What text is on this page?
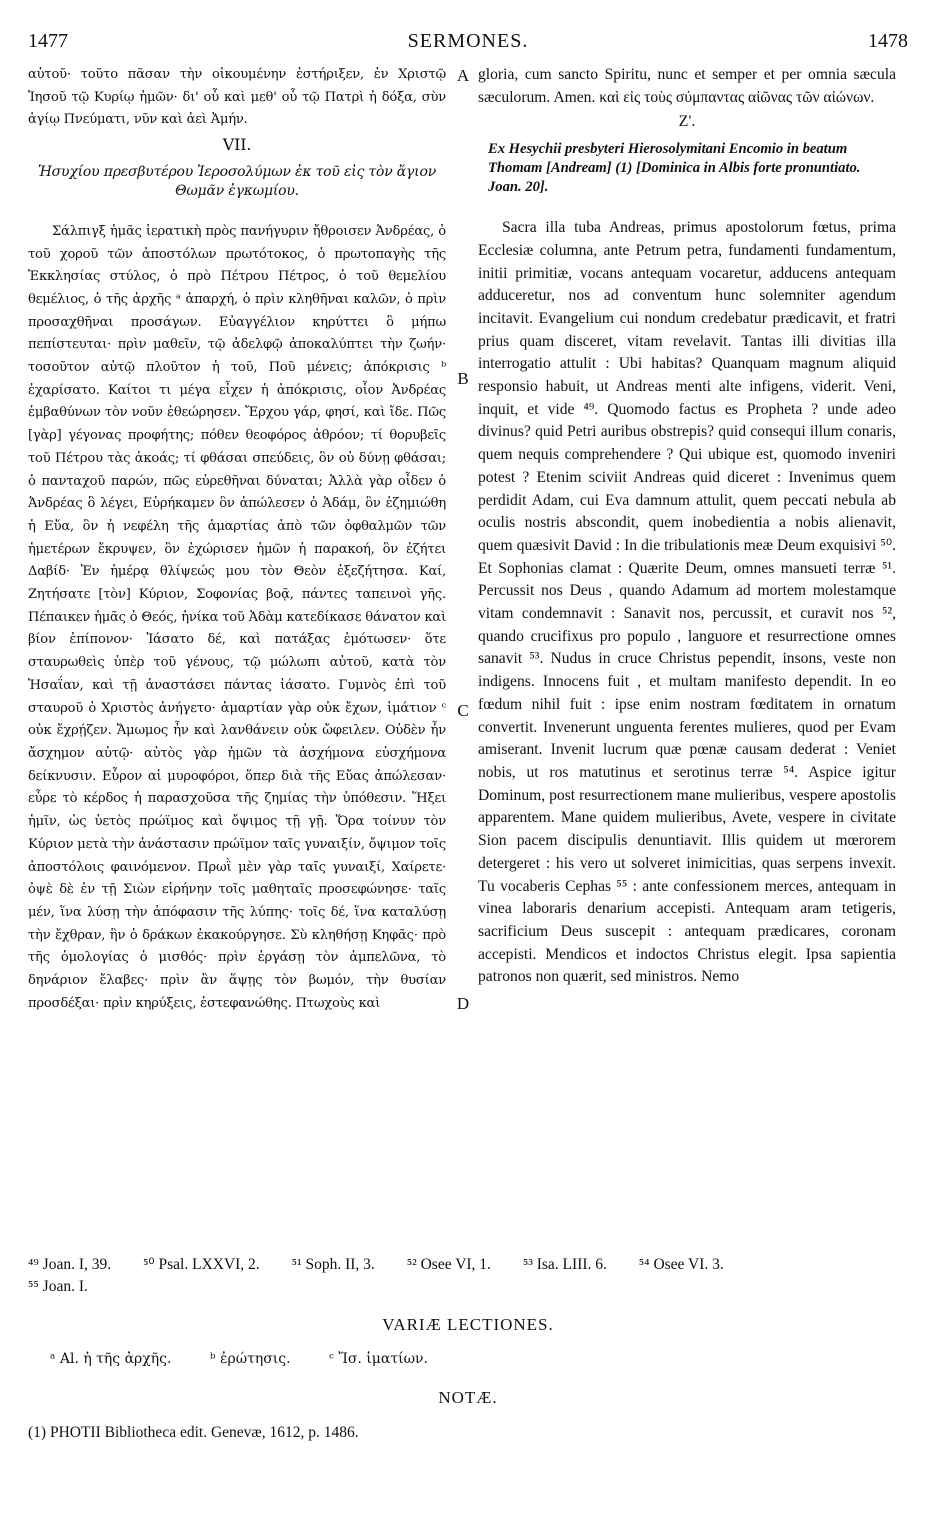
1477	SERMONES.	1478

αὐτοῦ· τοῦτο πᾶσαν τὴν οἰκουμένην ἐστήριξεν, ἐν Χριστῷ Ἰησοῦ τῷ Κυρίῳ ἡμῶν· δι' οὗ καὶ μεθ' οὗ τῷ Πατρὶ ἡ δόξα, σὺν ἁγίῳ Πνεύματι, νῦν καὶ ἀεὶ Ἀμήν.

VII.
Ἡσυχίου πρεσβυτέρου Ἱεροσολύμων ἐκ τοῦ εἰς τὸν ἅγιον Θωμᾶν ἐγκωμίου.

Σάλπιγξ ἡμᾶς ἱερατικὴ πρὸς πανήγυριν ἤθροισεν Ἀνδρέας, ὁ τοῦ χοροῦ τῶν ἀποστόλων πρωτότοκος, ὁ πρωτοπαγὴς τῆς Ἐκκλησίας στύλος, ὁ πρὸ Πέτρου Πέτρος, ὁ τοῦ θεμελίου θεμέλιος, ὁ τῆς ἀρχῆς ᵃ ἀπαρχή, ὁ πρὶν κληθῆναι καλῶν, ὁ πρὶν προσαχθῆναι προσάγων. Εὐαγγέλιον κηρύττει ὃ μήπω πεπίστευται· πρὶν μαθεῖν, τῷ ἀδελφῷ ἀποκαλύπτει τὴν ζωήν· τοσοῦτον αὐτῷ πλοῦτον ἡ τοῦ, Ποῦ μένεις; ἀπόκρισις ᵇ ἐχαρίσατο. Καίτοι τι μέγα εἶχεν ἡ ἀπόκρισις, οἷον Ἀνδρέας ἐμβαθύνων τὸν νοῦν ἐθεώρησεν. Ἔρχου γάρ, φησί, καὶ ἴδε. Πῶς [γὰρ] γέγονας προφήτης; πόθεν θεοφόρος ἀθρόον; τί θορυβεῖς τοῦ Πέτρου τὰς ἀκοάς; τί φθάσαι σπεύδεις, ὃν οὐ δύνῃ φθάσαι; ὁ πανταχοῦ παρών, πῶς εὑρεθῆναι δύναται; Ἀλλὰ γὰρ οἶδεν ὁ Ἀνδρέας ὃ λέγει, Εὑρήκαμεν ὃν ἀπώλεσεν ὁ Ἀδάμ, ὃν ἐζημιώθη ἡ Εὔα, ὃν ἡ νεφέλη τῆς ἁμαρτίας ἀπὸ τῶν ὀφθαλμῶν τῶν ἡμετέρων ἔκρυψεν, ὃν ἐχώρισεν ἡμῶν ἡ παρακοή, ὃν ἐζήτει Δαβίδ· Ἐν ἡμέρᾳ θλίψεώς μου τὸν Θεὸν ἐξεζήτησα. Καί, Ζητήσατε [τὸν] Κύριον, Σοφονίας βοᾷ, πάντες ταπεινοὶ γῆς. Πέπαικεν ἡμᾶς ὁ Θεός, ἡνίκα τοῦ Ἀδὰμ κατεδίκασε θάνατον καὶ βίον ἐπίπονον· Ἰάσατο δέ, καὶ πατάξας ἐμότωσεν· ὅτε σταυρωθεὶς ὑπὲρ τοῦ γένους, τῷ μώλωπι αὐτοῦ, κατὰ τὸν Ἡσαΐαν, καὶ τῇ ἀναστάσει πάντας ἰάσατο. Γυμνὸς ἐπὶ τοῦ σταυροῦ ὁ Χριστὸς ἀνήγετο· ἁμαρτίαν γὰρ οὐκ ἔχων, ἱμάτιον ᶜ οὐκ ἔχρῄζεν. Ἄμωμος ἦν καὶ λανθάνειν οὐκ ὤφειλεν. Οὐδὲν ἦν ἄσχημον αὐτῷ· αὐτὸς γὰρ ἡμῶν τὰ ἀσχήμονα εὐσχήμονα δείκνυσιν. Εὗρον αἱ μυροφόροι, ὅπερ διὰ τῆς Εὔας ἀπώλεσαν· εὗρε τὸ κέρδος ἡ παρασχοῦσα τῆς ζημίας τὴν ὑπόθεσιν. Ἥξει ἡμῖν, ὡς ὑετὸς πρώϊμος καὶ ὄψιμος τῇ γῇ. Ὅρα τοίνυν τὸν Κύριον μετὰ τὴν ἀνάστασιν πρώϊμον ταῖς γυναιξίν, ὄψιμον τοῖς ἀποστόλοις φαινόμενον. Πρωῒ μὲν γὰρ ταῖς γυναιξί, Χαίρετε· ὀψὲ δὲ ἐν τῇ Σιὼν εἰρήνην τοῖς μαθηταῖς προσεφώνησε· ταῖς μέν, ἵνα λύσῃ τὴν ἀπόφασιν τῆς λύπης· τοῖς δέ, ἵνα καταλύσῃ τὴν ἔχθραν, ἣν ὁ δράκων ἐκακούργησε. Σὺ κληθήσῃ Κηφᾶς· πρὸ τῆς ὁμολογίας ὁ μισθός· πρὶν ἐργάσῃ τὸν ἀμπελῶνα, τὸ δηνάριον ἔλαβες· πρὶν ἂν ἅψῃς τὸν βωμόν, τὴν θυσίαν προσδέξαι· πρὶν κηρύξεις, ἐστεφανώθης. Πτωχοὺς καὶ

gloria, cum sancto Spiritu, nunc et semper et per omnia sæcula sæculorum. Amen. καὶ εἰς τοὺς σύμπαντας αἰῶνας τῶν αἰώνων.

Ζ'.
Ex Hesychii presbyteri Hierosolymitani Encomio in beatum Thomam [Andream] (1) [Dominica in Albis forte pronuntiato. Joan. 20].

Sacra illa tuba Andreas, primus apostolorum fœtus, prima Ecclesiæ columna, ante Petrum petra, fundamenti fundamentum, initii primitiæ, vocans antequam vocaretur, adducens antequam adduceretur, nos ad conventum hunc solemniter agendum incitavit. Evangelium cui nondum credebatur prædicavit, et fratri prius quam disceret, vitam revelavit. Tantas illi divitias illa interrogatio attulit : Ubi habitas? Quanquam magnum aliquid responsio habuit, ut Andreas menti alte infigens, viderit. Veni, inquit, et vide ⁴⁹. Quomodo factus es Propheta ? unde adeo divinus? quid Petri auribus obstrepis? quid consequi illum conaris, quem nequis comprehendere ? Qui ubique est, quomodo inveniri potest ? Etenim sciviit Andreas quid diceret : Invenimus quem perdidit Adam, cui Eva damnum attulit, quem peccati nebula ab oculis nostris abscondit, quem inobedientia a nobis alienavit, quem quæsivit David : In die tribulationis meæ Deum exquisivi ⁵⁰. Et Sophonias clamat : Quærite Deum, omnes mansueti terræ ⁵¹. Percussit nos Deus , quando Adamum ad mortem molestamque vitam condemnavit : Sanavit nos, percussit, et curavit nos ⁵², quando crucifixus pro populo , languore et resurrectione omnes sanavit ⁵³. Nudus in cruce Christus pependit, insons, veste non indigens. Innocens fuit , et multam manifesto dependit. In eo fœdum nihil fuit : ipse enim nostram fœditatem in ornatum convertit. Invenerunt unguenta ferentes mulieres, quod per Evam amiserant. Invenit lucrum quæ pœnæ causam dederat : Veniet nobis, ut ros matutinus et serotinus terræ ⁵⁴. Aspice igitur Dominum, post resurrectionem mane mulieribus, vespere apostolis apparentem. Mane quidem mulieribus, Avete, vespere in civitate Sion pacem discipulis denuntiavit. Illis quidem ut mœrorem detergeret : his vero ut solveret inimicitias, quas serpens invexit. Tu vocaberis Cephas ⁵⁵ : ante confessionem merces, antequam in vinea laboraris denarium accepisti. Antequam aram tetigeris, sacrificium Deus suscepit : antequam prædicares, coronam accepisti. Mendicos et indoctos Christus elegit. Ipsa sapientia patronos non quærit, sed ministros. Nemo

A
B
C
D
⁴⁹ Joan. I, 39. ⁵⁰ Psal. LXXVI, 2. ⁵¹ Soph. II, 3. ⁵² Osee VI, 1. ⁵³ Isa. LIII. 6. ⁵⁴ Osee VI. 3.
⁵⁵ Joan. I.
VARIÆ LECTIONES.
ᵃ Al. ἡ τῆς ἀρχῆς.	ᵇ ἐρώτησις.	ᶜ Ἴσ. ἱματίων.
NOTÆ.
(1) PHOTII Bibliotheca edit. Genevæ, 1612, p. 1486.
